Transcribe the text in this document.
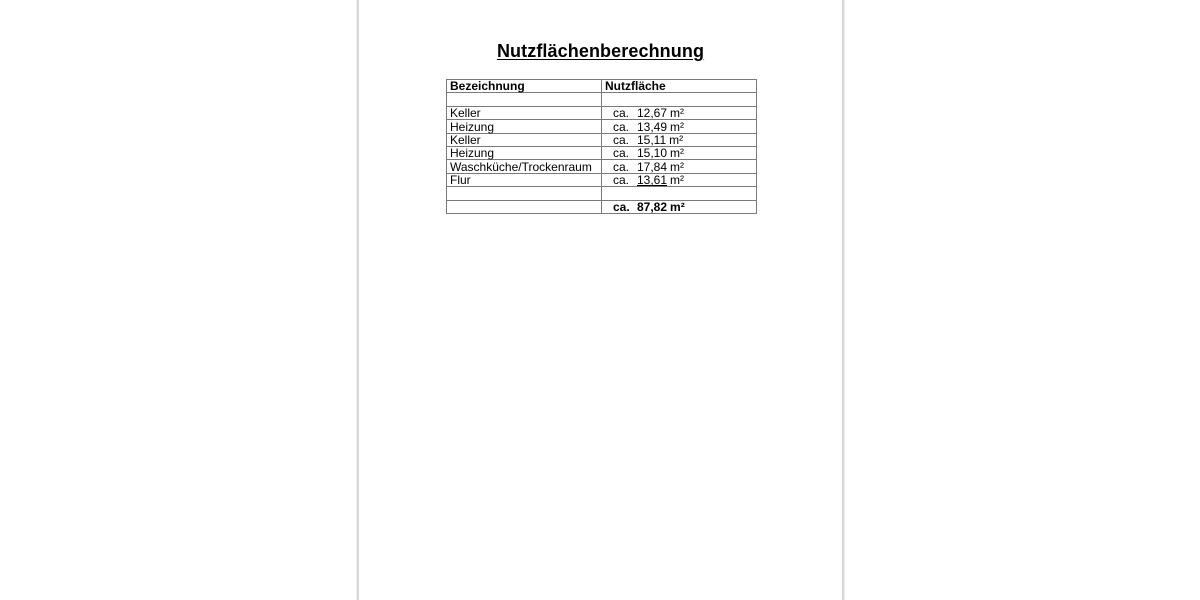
Nutzflächenberechnung
Bezeichnung	Nutzfläche

Keller	ca. 12,67 m²
Heizung	ca. 13,49 m²
Keller	ca. 15,11 m²
Heizung	ca. 15,10 m²
Waschküche/Trockenraum	ca. 17,84 m²
Flur	ca. 13,61 m²

	ca. 87,82 m²
